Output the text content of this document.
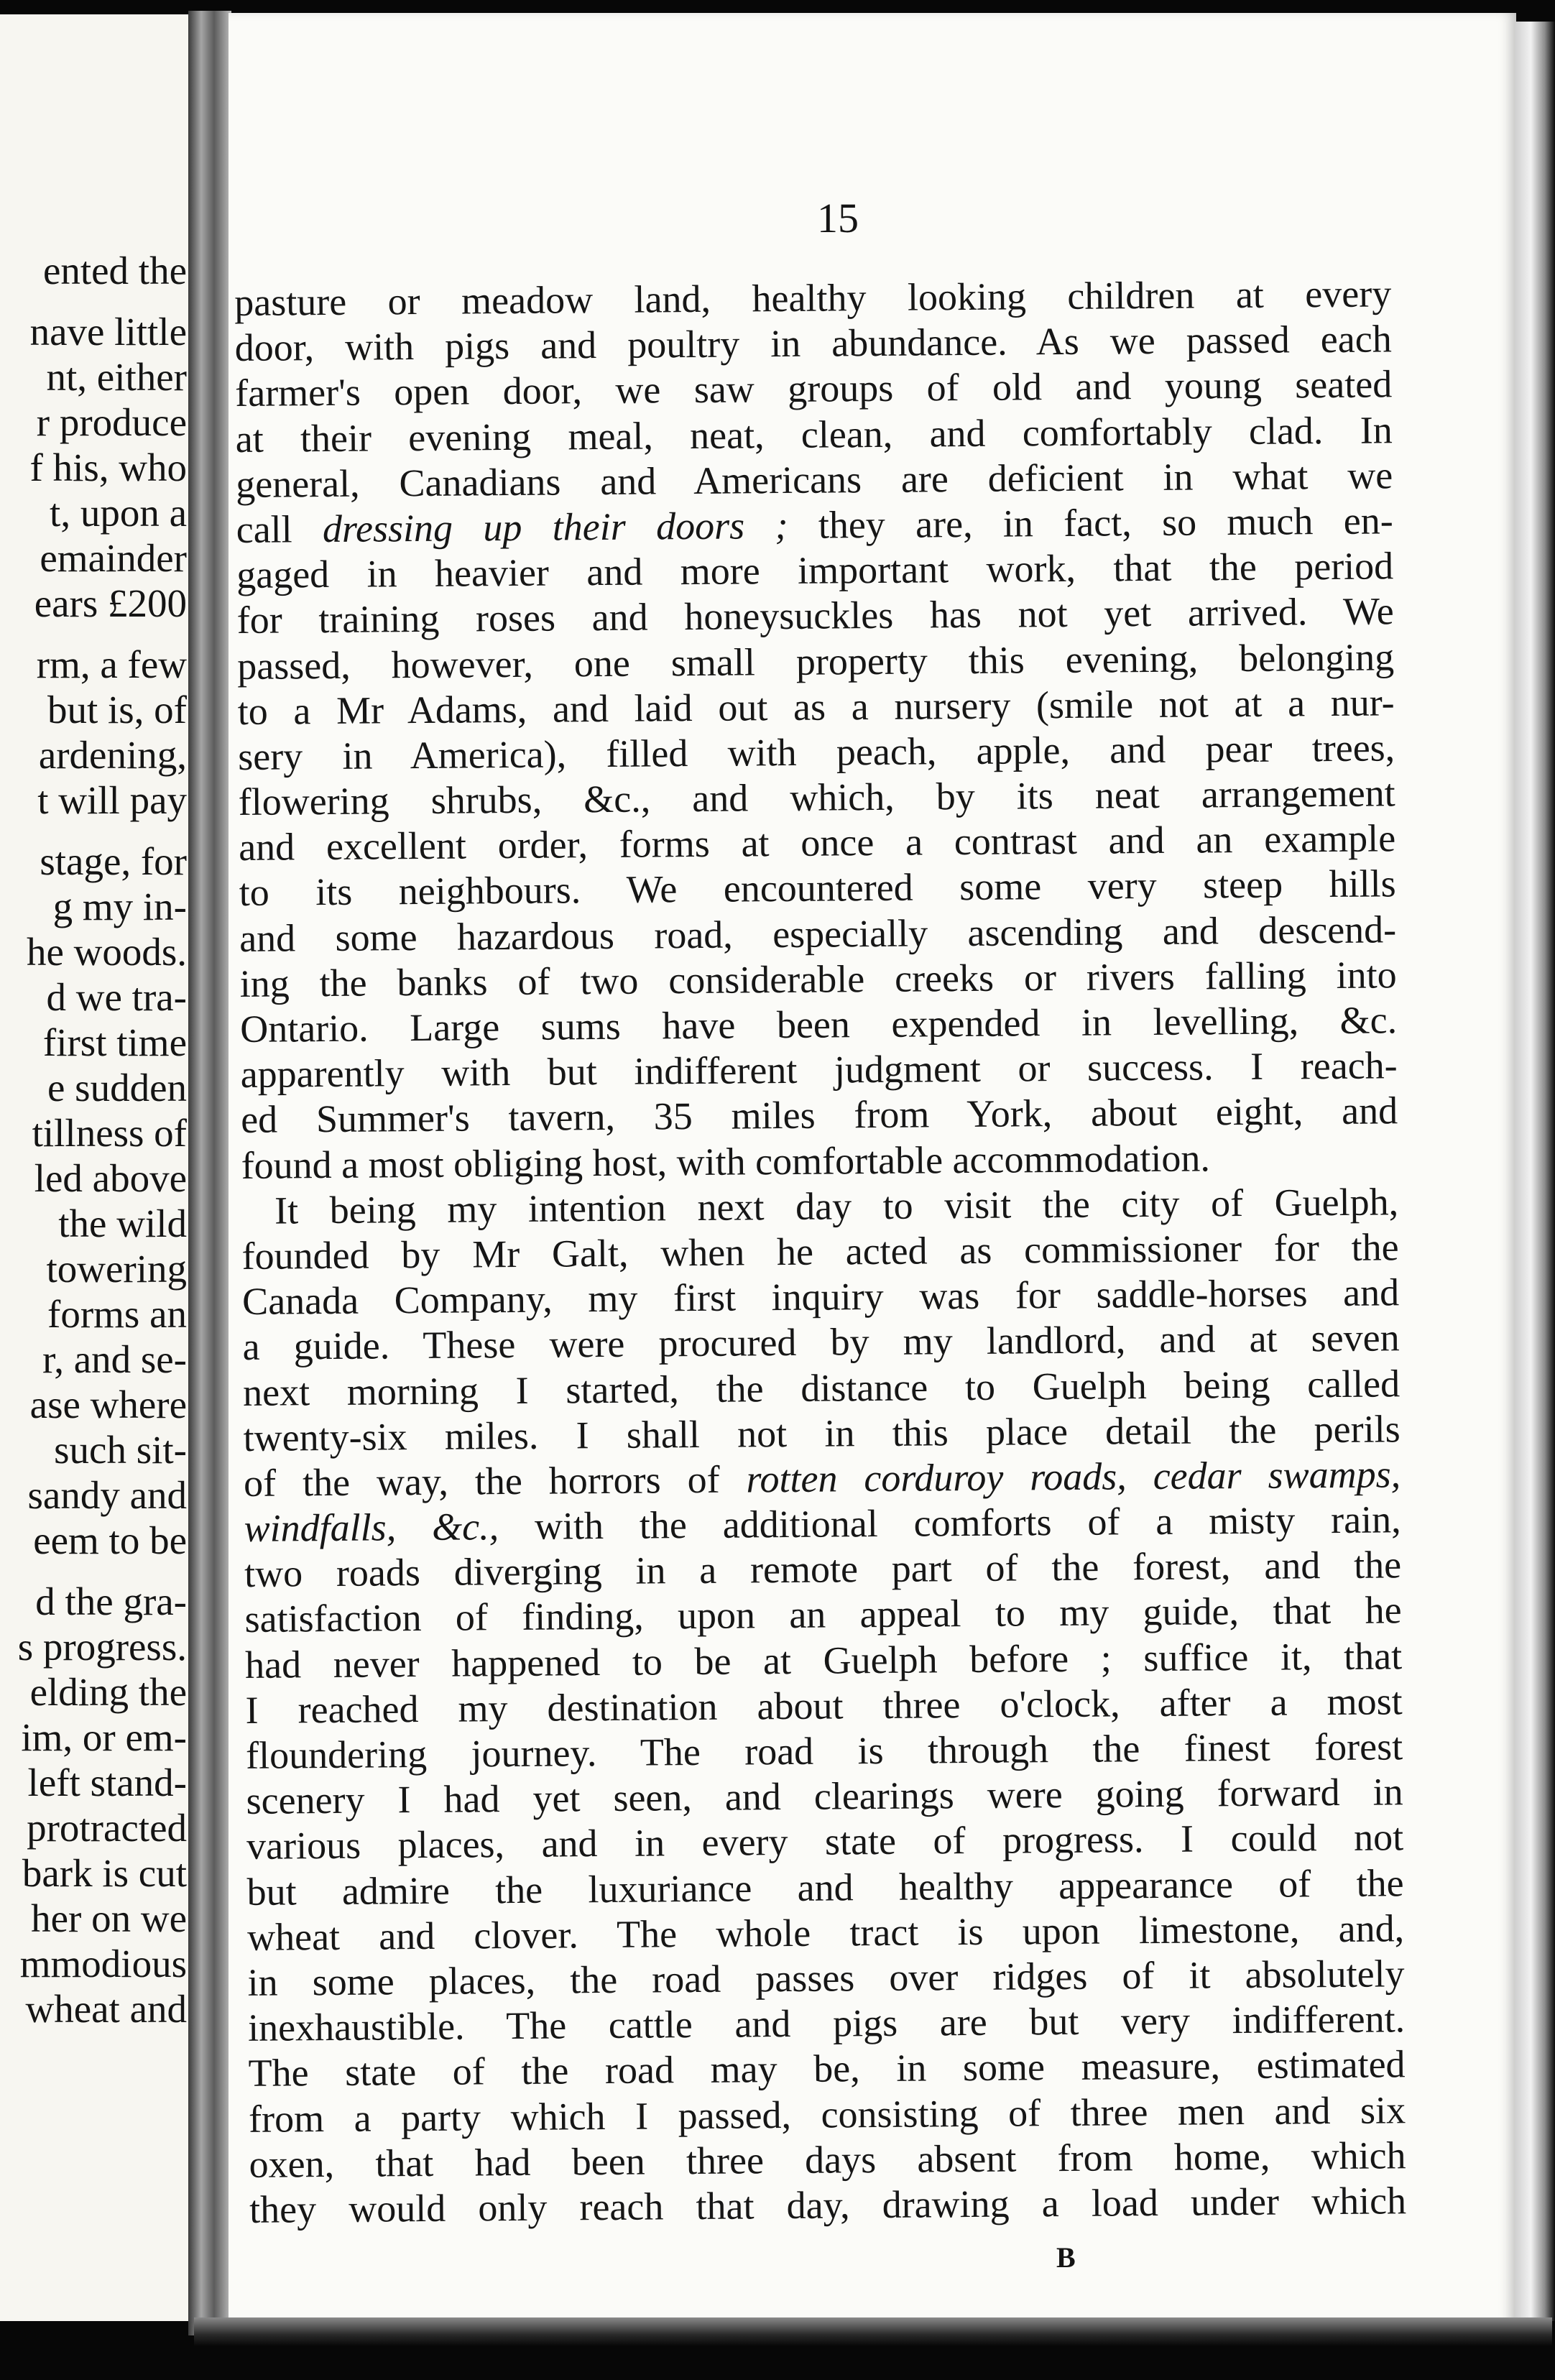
ented the
nave little
nt, either
r produce
f his, who
t, upon a
emainder
ears £200
rm, a few
but is, of
ardening,
t will pay
stage, for
g my in-
he woods.
d we tra-
first time
e sudden
tillness of
led above
the wild
towering
forms an
r, and se-
ase where
such sit-
sandy and
eem to be
d the gra-
s progress.
elding the
im, or em-
left stand-
protracted
bark is cut
her on we
mmodious
wheat and
15
pasture or meadow land, healthy looking children at every
door, with pigs and poultry in abundance. As we passed each
farmer's open door, we saw groups of old and young seated
at their evening meal, neat, clean, and comfortably clad. In
general, Canadians and Americans are deficient in what we
call dressing up their doors ; they are, in fact, so much en-
gaged in heavier and more important work, that the period
for training roses and honeysuckles has not yet arrived. We
passed, however, one small property this evening, belonging
to a Mr Adams, and laid out as a nursery (smile not at a nur-
sery in America), filled with peach, apple, and pear trees,
flowering shrubs, &c., and which, by its neat arrangement
and excellent order, forms at once a contrast and an example
to its neighbours. We encountered some very steep hills
and some hazardous road, especially ascending and descend-
ing the banks of two considerable creeks or rivers falling into
Ontario. Large sums have been expended in levelling, &c.
apparently with but indifferent judgment or success. I reach-
ed Summer's tavern, 35 miles from York, about eight, and
found a most obliging host, with comfortable accommodation.
It being my intention next day to visit the city of Guelph,
founded by Mr Galt, when he acted as commissioner for the
Canada Company, my first inquiry was for saddle-horses and
a guide. These were procured by my landlord, and at seven
next morning I started, the distance to Guelph being called
twenty-six miles. I shall not in this place detail the perils
of the way, the horrors of rotten corduroy roads, cedar swamps,
windfalls, &c., with the additional comforts of a misty rain,
two roads diverging in a remote part of the forest, and the
satisfaction of finding, upon an appeal to my guide, that he
had never happened to be at Guelph before ; suffice it, that
I reached my destination about three o'clock, after a most
floundering journey. The road is through the finest forest
scenery I had yet seen, and clearings were going forward in
various places, and in every state of progress. I could not
but admire the luxuriance and healthy appearance of the
wheat and clover. The whole tract is upon limestone, and,
in some places, the road passes over ridges of it absolutely
inexhaustible. The cattle and pigs are but very indifferent.
The state of the road may be, in some measure, estimated
from a party which I passed, consisting of three men and six
oxen, that had been three days absent from home, which
they would only reach that day, drawing a load under which
B
